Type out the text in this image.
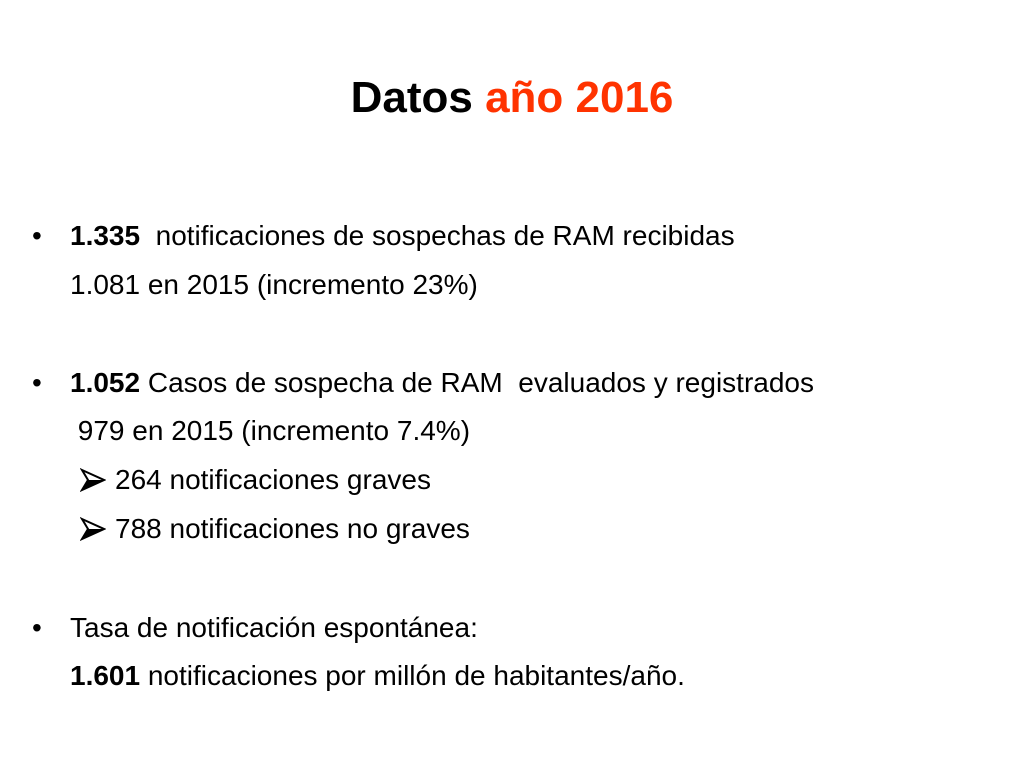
Datos año 2016
• 1.335  notificaciones de sospechas de RAM recibidas
1.081 en 2015 (incremento 23%)
• 1.052 Casos de sospecha de RAM  evaluados y registrados
979 en 2015 (incremento 7.4%)
264 notificaciones graves
788 notificaciones no graves
• Tasa de notificación espontánea:
1.601 notificaciones por millón de habitantes/año.
